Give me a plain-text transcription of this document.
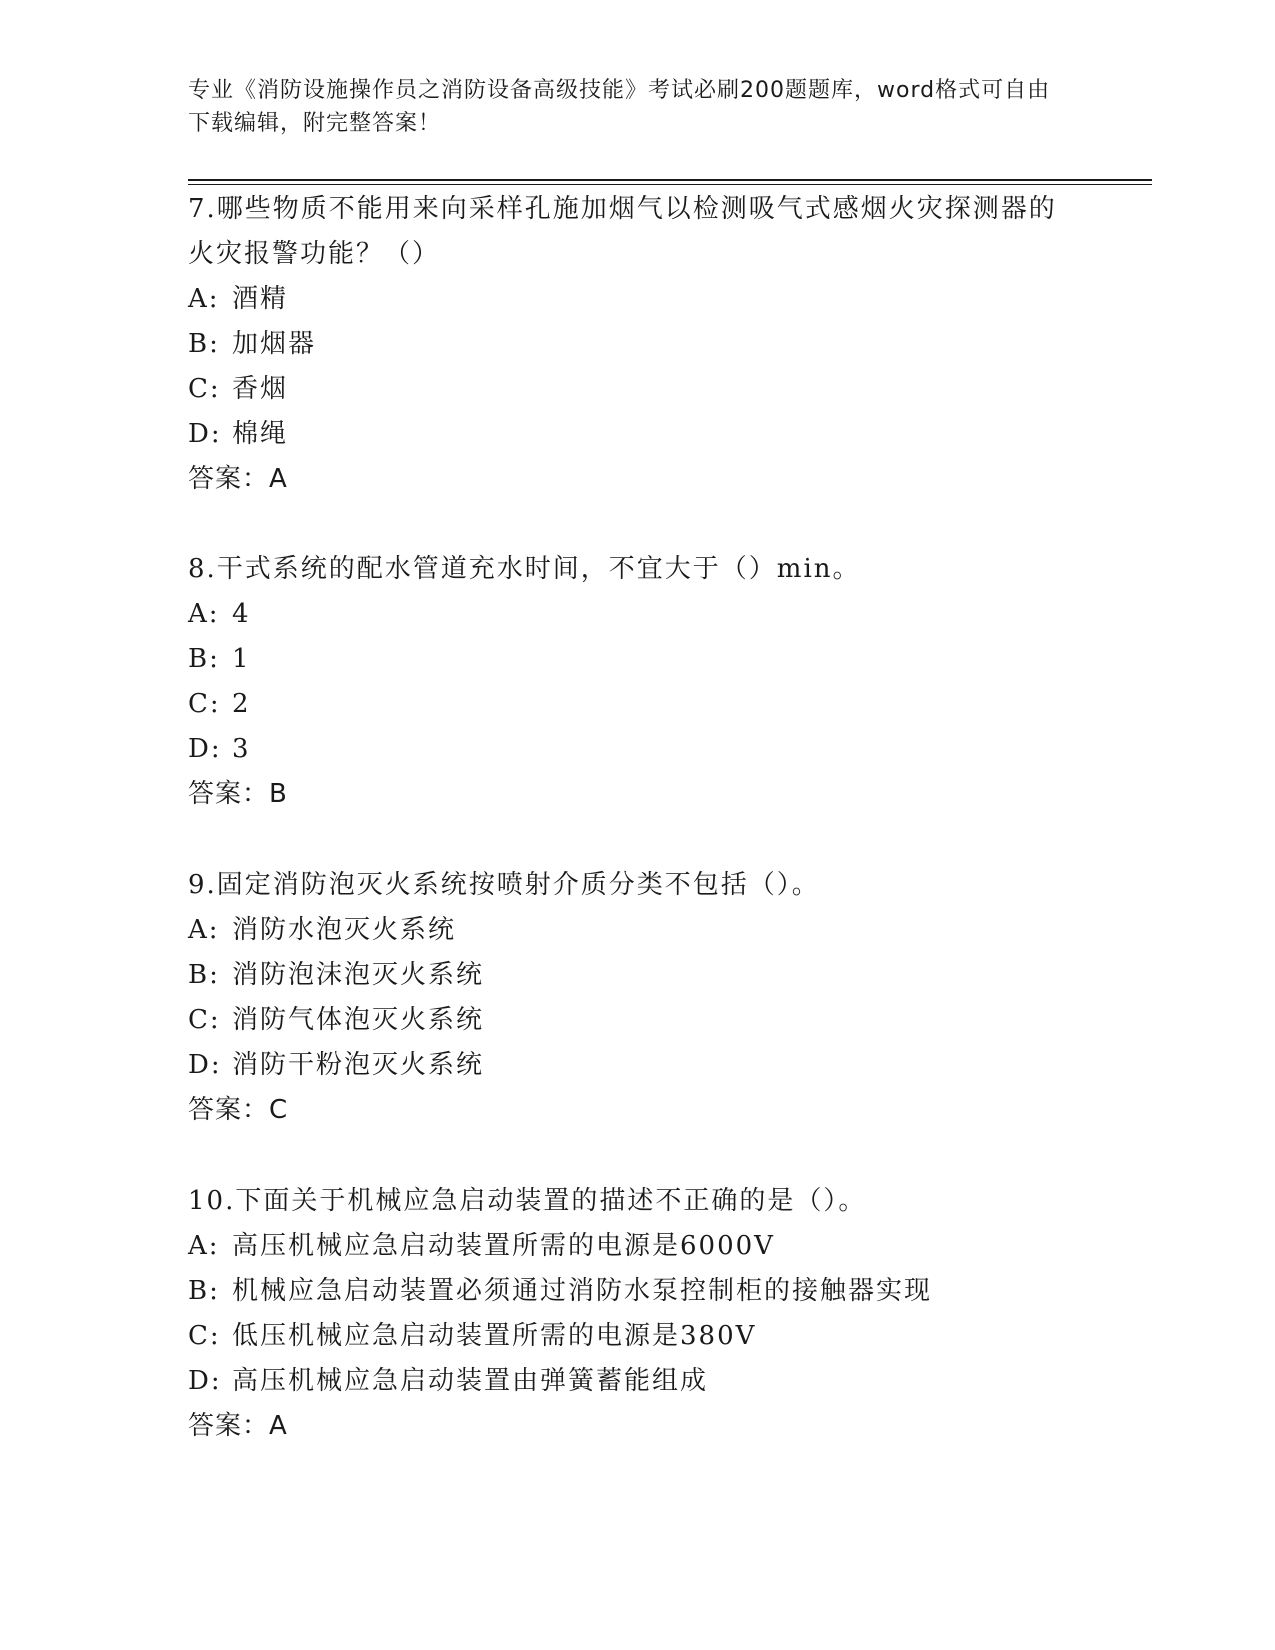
专业《消防设施操作员之消防设备高级技能》考试必刷200题题库，word格式可自由下载编辑，附完整答案！
7.哪些物质不能用来向采样孔施加烟气以检测吸气式感烟火灾探测器的火灾报警功能？（）
A: 酒精
B: 加烟器
C: 香烟
D: 棉绳
答案：A
8.干式系统的配水管道充水时间，不宜大于（）min。
A: 4
B: 1
C: 2
D: 3
答案：B
9.固定消防泡灭火系统按喷射介质分类不包括（）。
A: 消防水泡灭火系统
B: 消防泡沫泡灭火系统
C: 消防气体泡灭火系统
D: 消防干粉泡灭火系统
答案：C
10.下面关于机械应急启动装置的描述不正确的是（）。
A: 高压机械应急启动装置所需的电源是6000V
B: 机械应急启动装置必须通过消防水泵控制柜的接触器实现
C: 低压机械应急启动装置所需的电源是380V
D: 高压机械应急启动装置由弹簧蓄能组成
答案：A
